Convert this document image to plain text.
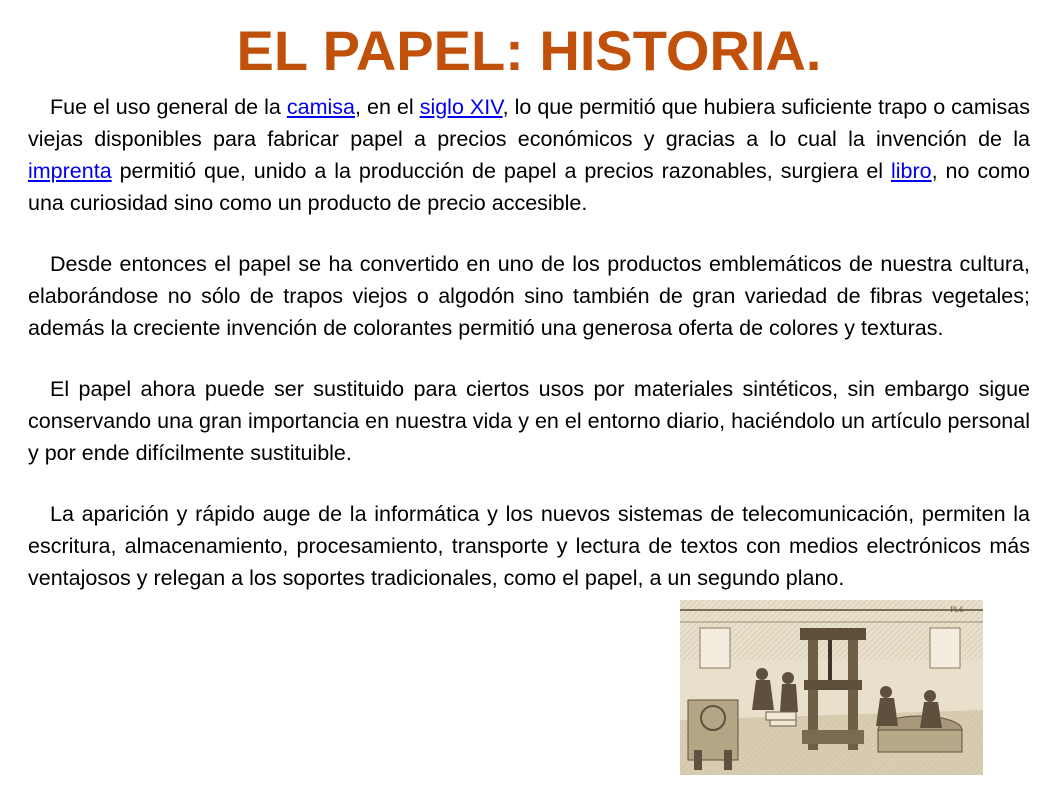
EL PAPEL: HISTORIA.

Fue el uso general de la camisa, en el siglo XIV, lo que permitió que hubiera suficiente trapo o camisas viejas disponibles para fabricar papel a precios económicos y gracias a lo cual la invención de la imprenta permitió que, unido a la producción de papel a precios razonables, surgiera el libro, no como una curiosidad sino como un producto de precio accesible.

Desde entonces el papel se ha convertido en uno de los productos emblemáticos de nuestra cultura, elaborándose no sólo de trapos viejos o algodón sino también de gran variedad de fibras vegetales; además la creciente invención de colorantes permitió una generosa oferta de colores y texturas.

El papel ahora puede ser sustituido para ciertos usos por materiales sintéticos, sin embargo sigue conservando una gran importancia en nuestra vida y en el entorno diario, haciéndolo un artículo personal y por ende difícilmente sustituible.

La aparición y rápido auge de la informática y los nuevos sistemas de telecomunicación, permiten la escritura, almacenamiento, procesamiento, transporte y lectura de textos con medios electrónicos más ventajosos y relegan a los soportes tradicionales, como el papel, a un segundo plano.

Pl.6
